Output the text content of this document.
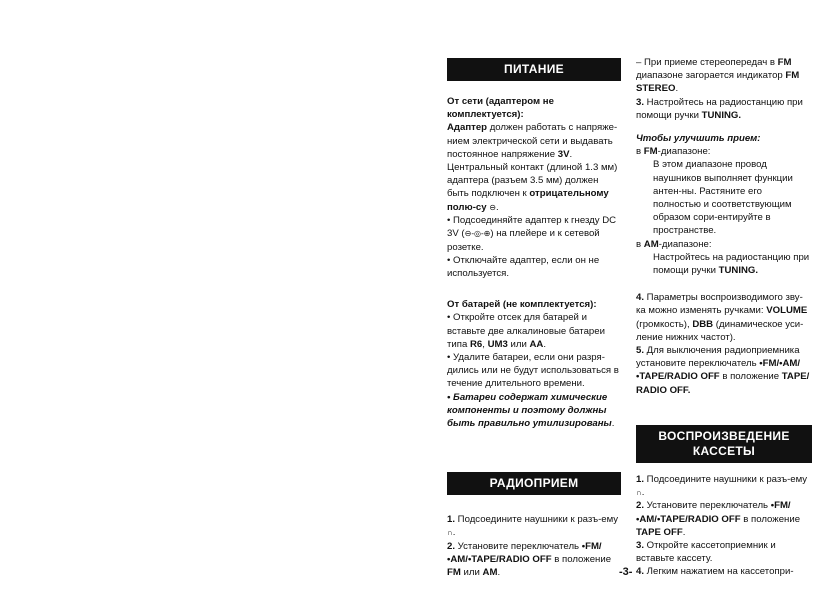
ПИТАНИЕ

От сети (адаптером не комплектуется):

Адаптер должен работать с напряже-нием электрической сети и выдавать постоянное напряжение 3V.

Центральный контакт (длиной 1.3 мм) адаптера (разъем 3.5 мм) должен быть подключен к отрицательному полю-су ⊖.

• Подсоединяйте адаптер к гнезду DC 3V (⊖-◎-⊕) на плейере и к сетевой розетке.

• Отключайте адаптер, если он не используется.

От батарей (не комплектуется):

• Откройте отсек для батарей и вставьте две алкалиновые батареи типа R6, UM3 или AA.

• Удалите батареи, если они разря-дились или не будут использоваться в течение длительного времени.

• Батареи содержат химические компоненты и поэтому должны быть правильно утилизированы.

РАДИОПРИЕМ

1. Подсоедините наушники к разъ-ему ∩.

2. Установите переключатель •FM/ •AM/•TAPE/RADIO OFF в положение FM или AM.

– При приеме стереопередач в FM диапазоне загорается индикатор FM STEREO.

3. Настройтесь на радиостанцию при помощи ручки TUNING.

Чтобы улучшить прием:

в FM-диапазоне:

В этом диапазоне провод наушников выполняет функции антен-ны. Растяните его полностью и соответствующим образом сори-ентируйте в пространстве.

в AM-диапазоне:

Настройтесь на радиостанцию при помощи ручки TUNING.

4. Параметры воспроизводимого зву-ка можно изменять ручками: VOLUME (громкость), DBB (динамическое уси-ление нижних частот).

5. Для выключения радиоприемника установите переключатель •FM/•AM/ •TAPE/RADIO OFF в положение TAPE/ RADIO OFF.

ВОСПРОИЗВЕДЕНИЕ КАССЕТЫ

1. Подсоедините наушники к разъ-ему ∩.

2. Установите переключатель •FM/ •AM/•TAPE/RADIO OFF в положение TAPE OFF.

3. Откройте кассетоприемник и вставьте кассету.

4. Легким нажатием на кассетопри-

-3-
